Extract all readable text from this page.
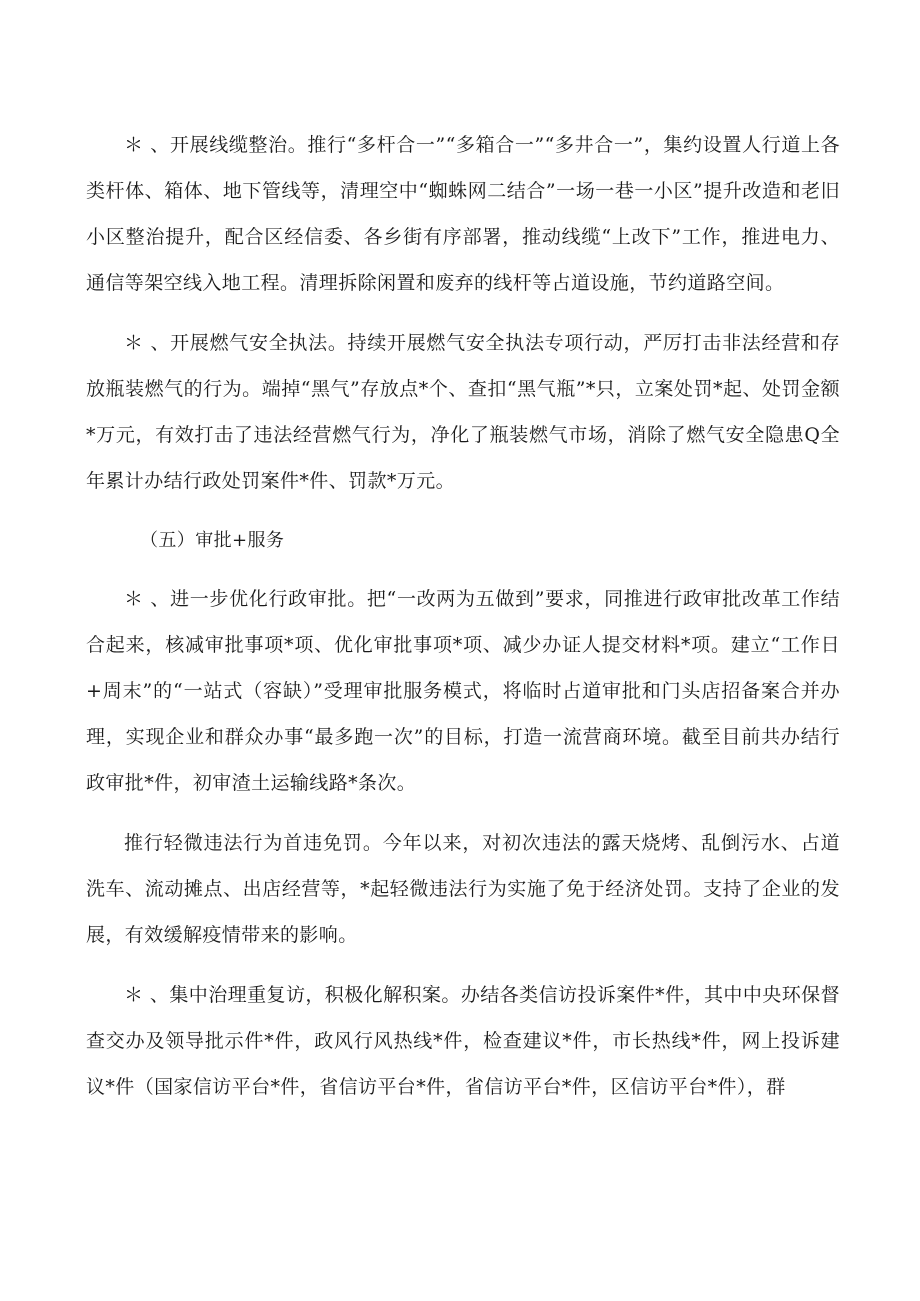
＊ 、开展线缆整治。推行“多杆合一”“多箱合一”“多井合一”，集约设置人行道上各类杆体、箱体、地下管线等，清理空中“蜘蛛网二结合”一场一巷一小区”提升改造和老旧小区整治提升，配合区经信委、各乡街有序部署，推动线缆“上改下”工作，推进电力、通信等架空线入地工程。清理拆除闲置和废弃的线杆等占道设施，节约道路空间。

＊ 、开展燃气安全执法。持续开展燃气安全执法专项行动，严厉打击非法经营和存放瓶装燃气的行为。端掉“黑气”存放点*个、查扣“黑气瓶”*只，立案处罚*起、处罚金额*万元，有效打击了违法经营燃气行为，净化了瓶装燃气市场，消除了燃气安全隐患Q全年累计办结行政处罚案件*件、罚款*万元。

（五）审批+服务

＊ 、进一步优化行政审批。把“一改两为五做到”要求，同推进行政审批改革工作结合起来，核减审批事项*项、优化审批事项*项、减少办证人提交材料*项。建立“工作日+周末”的“一站式（容缺）”受理审批服务模式，将临时占道审批和门头店招备案合并办理，实现企业和群众办事“最多跑一次”的目标，打造一流营商环境。截至目前共办结行政审批*件，初审渣土运输线路*条次。

推行轻微违法行为首违免罚。今年以来，对初次违法的露天烧烤、乱倒污水、占道洗车、流动摊点、出店经营等，*起轻微违法行为实施了免于经济处罚。支持了企业的发展，有效缓解疫情带来的影响。

＊ 、集中治理重复访，积极化解积案。办结各类信访投诉案件*件，其中中央环保督查交办及领导批示件*件，政风行风热线*件，检查建议*件，市长热线*件，网上投诉建议*件（国家信访平台*件，省信访平台*件，省信访平台*件，区信访平台*件），群
